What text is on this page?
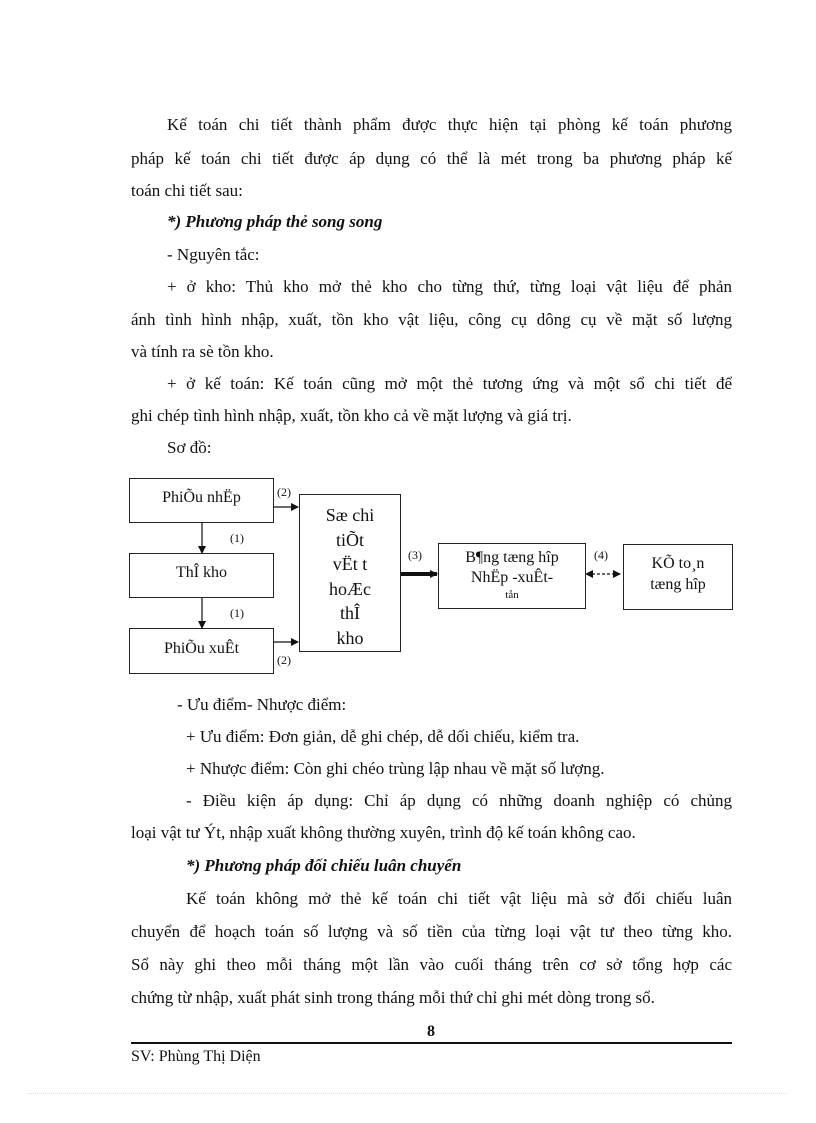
Kế toán chi tiết thành phẩm được thực hiện tại phòng kế toán phương
pháp kế toán chi tiết được áp dụng có thể là mét trong ba phương pháp kế
toán chi tiết sau:
*) Phương pháp thẻ song song
- Nguyên tắc:
+ ở kho: Thủ kho mở thẻ kho cho từng thứ, từng loại vật liệu để phản
ánh tình hình nhập, xuất, tồn kho vật liệu, công cụ dông cụ về mặt số lượng
và tính ra sè tồn kho.
+ ở kế toán: Kế toán cũng mở một thẻ tương ứng và một sổ chi tiết để
ghi chép tình hình nhập, xuất, tồn kho cả về mặt lượng và giá trị.
Sơ đồ:
PhiÕu nhËp
ThÎ kho
PhiÕu xuÊt
Sæ chi
tiÕt
vËt t
hoÆc
thÎ
kho
B¶ng tæng hîp
NhËp -xuÊt-
tån
KÕ to¸n
tæng hîp
(2)
(1)
(1)
(2)
(3)	(4)
- Ưu điểm- Nhược điểm:
+ Ưu điểm: Đơn giản, dễ ghi chép, dễ dối chiếu, kiểm tra.
+ Nhược điểm: Còn ghi chéo trùng lập nhau về mặt số lượng.
- Điều kiện áp dụng: Chỉ áp dụng có những doanh nghiệp có chủng
loại vật tư Ýt, nhập xuất không thường xuyên, trình độ kế toán không cao.
*) Phương pháp đối chiếu luân chuyển
Kế toán không mở thẻ kế toán chi tiết vật liệu mà sở đối chiếu luân
chuyển để hoạch toán số lượng và số tiền của từng loại vật tư theo từng kho.
Sổ này ghi theo mỗi tháng một lần vào cuối tháng trên cơ sở tổng hợp các
chứng từ nhập, xuất phát sinh trong tháng mỗi thứ chỉ ghi mét dòng trong sổ.
8
SV: Phùng Thị Diện
